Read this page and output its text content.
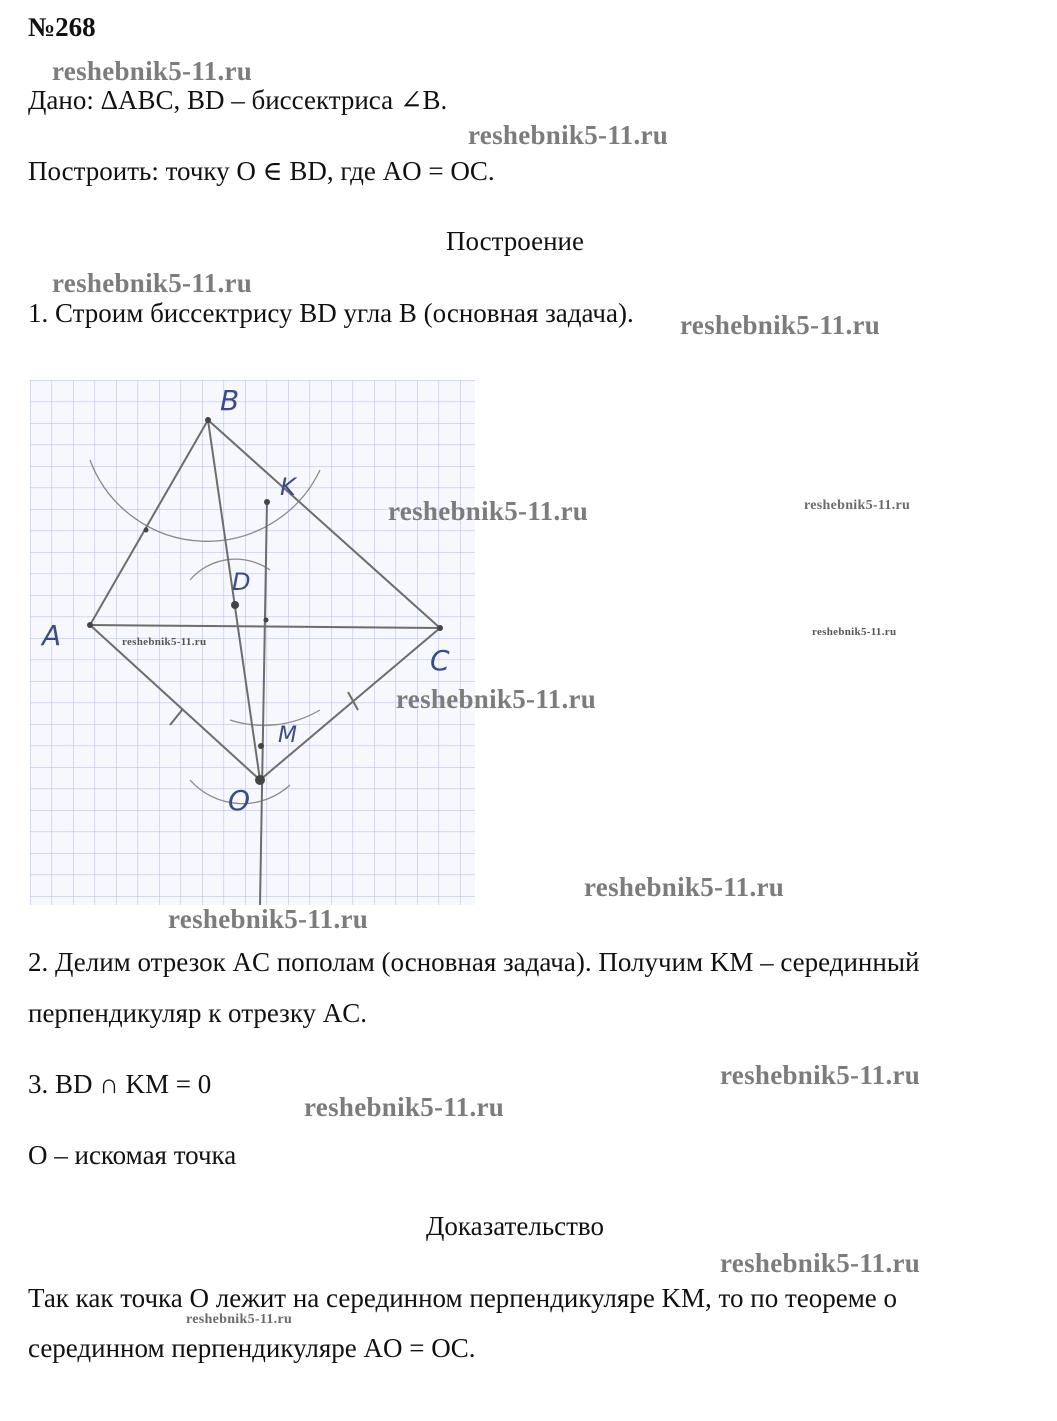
№268
Дано: ΔABC, BD – биссектриса ∠B.
Построить: точку O ∈ BD, где AO = OC.
Построение
1. Строим биссектрису BD угла B (основная задача).
B
A
C
D
K
M
O
2. Делим отрезок AC пополам (основная задача). Получим KM – серединный
перпендикуляр к отрезку AC.
3. BD ∩ KM = 0
O – искомая точка
Доказательство
Так как точка O лежит на серединном перпендикуляре KM, то по теореме о
серединном перпендикуляре AO = OC.
reshebnik5-11.ru
reshebnik5-11.ru
reshebnik5-11.ru
reshebnik5-11.ru
reshebnik5-11.ru	reshebnik5-11.ru
reshebnik5-11.ru
reshebnik5-11.ru
reshebnik5-11.ru
reshebnik5-11.ru
reshebnik5-11.ru
reshebnik5-11.ru
reshebnik5-11.ru
reshebnik5-11.ru
reshebnik5-11.ru
